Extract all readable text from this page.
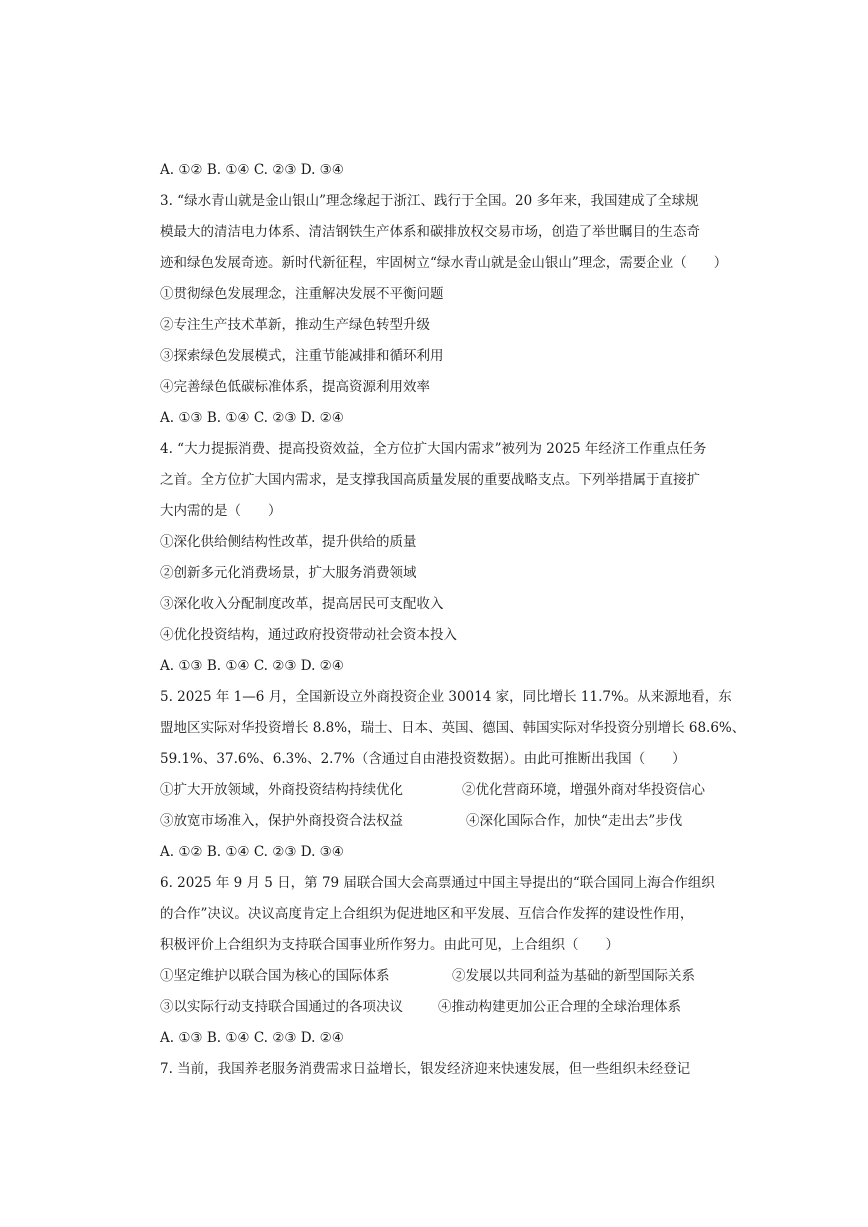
A. ①② B. ①④ C. ②③ D. ③④
3. “绿水青山就是金山银山”理念缘起于浙江、践行于全国。20 多年来，我国建成了全球规
模最大的清洁电力体系、清洁钢铁生产体系和碳排放权交易市场，创造了举世瞩目的生态奇
迹和绿色发展奇迹。新时代新征程，牢固树立“绿水青山就是金山银山”理念，需要企业（　　）
①贯彻绿色发展理念，注重解决发展不平衡问题
②专注生产技术革新，推动生产绿色转型升级
③探索绿色发展模式，注重节能减排和循环利用
④完善绿色低碳标准体系，提高资源利用效率
A. ①③ B. ①④ C. ②③ D. ②④
4. “大力提振消费、提高投资效益，全方位扩大国内需求”被列为 2025 年经济工作重点任务
之首。全方位扩大国内需求，是支撑我国高质量发展的重要战略支点。下列举措属于直接扩
大内需的是（　　）
①深化供给侧结构性改革，提升供给的质量
②创新多元化消费场景，扩大服务消费领域
③深化收入分配制度改革，提高居民可支配收入
④优化投资结构，通过政府投资带动社会资本投入
A. ①③ B. ①④ C. ②③ D. ②④
5. 2025 年 1—6 月，全国新设立外商投资企业 30014 家，同比增长 11.7%。从来源地看，东
盟地区实际对华投资增长 8.8%，瑞士、日本、英国、德国、韩国实际对华投资分别增长 68.6%、
59.1%、37.6%、6.3%、2.7%（含通过自由港投资数据）。由此可推断出我国（　　）
①扩大开放领域，外商投资结构持续优化	②优化营商环境，增强外商对华投资信心
③放宽市场准入，保护外商投资合法权益	④深化国际合作，加快“走出去”步伐
A. ①② B. ①④ C. ②③ D. ③④
6. 2025 年 9 月 5 日，第 79 届联合国大会高票通过中国主导提出的“联合国同上海合作组织
的合作”决议。决议高度肯定上合组织为促进地区和平发展、互信合作发挥的建设性作用，
积极评价上合组织为支持联合国事业所作努力。由此可见，上合组织（　　）
①坚定维护以联合国为核心的国际体系	②发展以共同利益为基础的新型国际关系
③以实际行动支持联合国通过的各项决议	④推动构建更加公正合理的全球治理体系
A. ①③ B. ①④ C. ②③ D. ②④
7. 当前，我国养老服务消费需求日益增长，银发经济迎来快速发展，但一些组织未经登记
